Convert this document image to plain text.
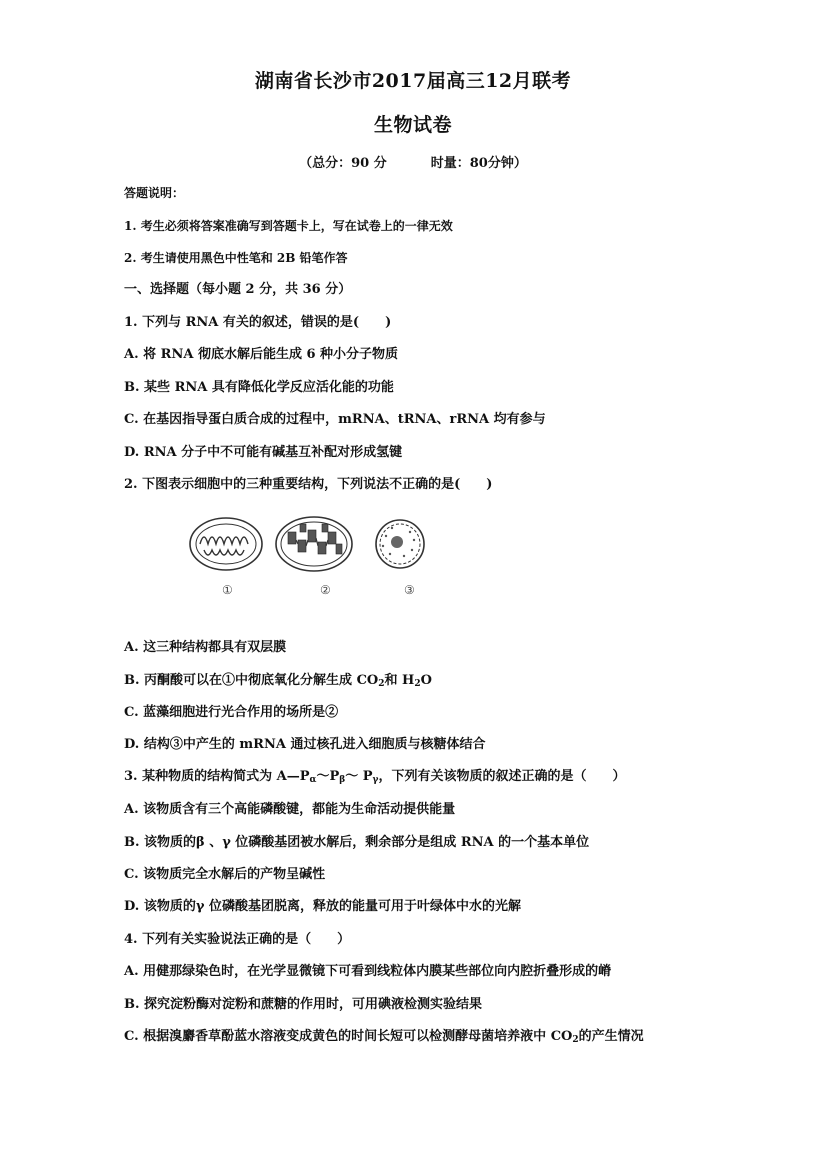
湖南省长沙市2017届高三12月联考
生物试卷
（总分：90 分	时量：80分钟）
答题说明：
1. 考生必须将答案准确写到答题卡上，写在试卷上的一律无效
2. 考生请使用黑色中性笔和 2B 铅笔作答
一、选择题（每小题 2 分，共 36 分）
1. 下列与 RNA 有关的叙述，错误的是(　　)
A. 将 RNA 彻底水解后能生成 6 种小分子物质
B. 某些 RNA 具有降低化学反应活化能的功能
C. 在基因指导蛋白质合成的过程中，mRNA、tRNA、rRNA 均有参与
D. RNA 分子中不可能有碱基互补配对形成氢键
2. 下图表示细胞中的三种重要结构，下列说法不正确的是(　　)
①	②	③
A. 这三种结构都具有双层膜
B. 丙酮酸可以在①中彻底氧化分解生成 $CO_2$和 $H_2O$
C. 蓝藻细胞进行光合作用的场所是②
D. 结构③中产生的 mRNA 通过核孔进入细胞质与核糖体结合
3. 某种物质的结构简式为 $A—P_\alpha\sim P_\beta\sim$ $P_\gamma$，下列有关该物质的叙述正确的是（　　）
A. 该物质含有三个高能磷酸键，都能为生命活动提供能量
B. 该物质的β 、γ 位磷酸基团被水解后，剩余部分是组成 RNA 的一个基本单位
C. 该物质完全水解后的产物呈碱性
D. 该物质的γ 位磷酸基团脱离，释放的能量可用于叶绿体中水的光解
4. 下列有关实验说法正确的是（　　）
A. 用健那绿染色时，在光学显微镜下可看到线粒体内膜某些部位向内腔折叠形成的嵴
B. 探究淀粉酶对淀粉和蔗糖的作用时，可用碘液检测实验结果
C. 根据溴麝香草酚蓝水溶液变成黄色的时间长短可以检测酵母菌培养液中 $CO_2$的产生情况
